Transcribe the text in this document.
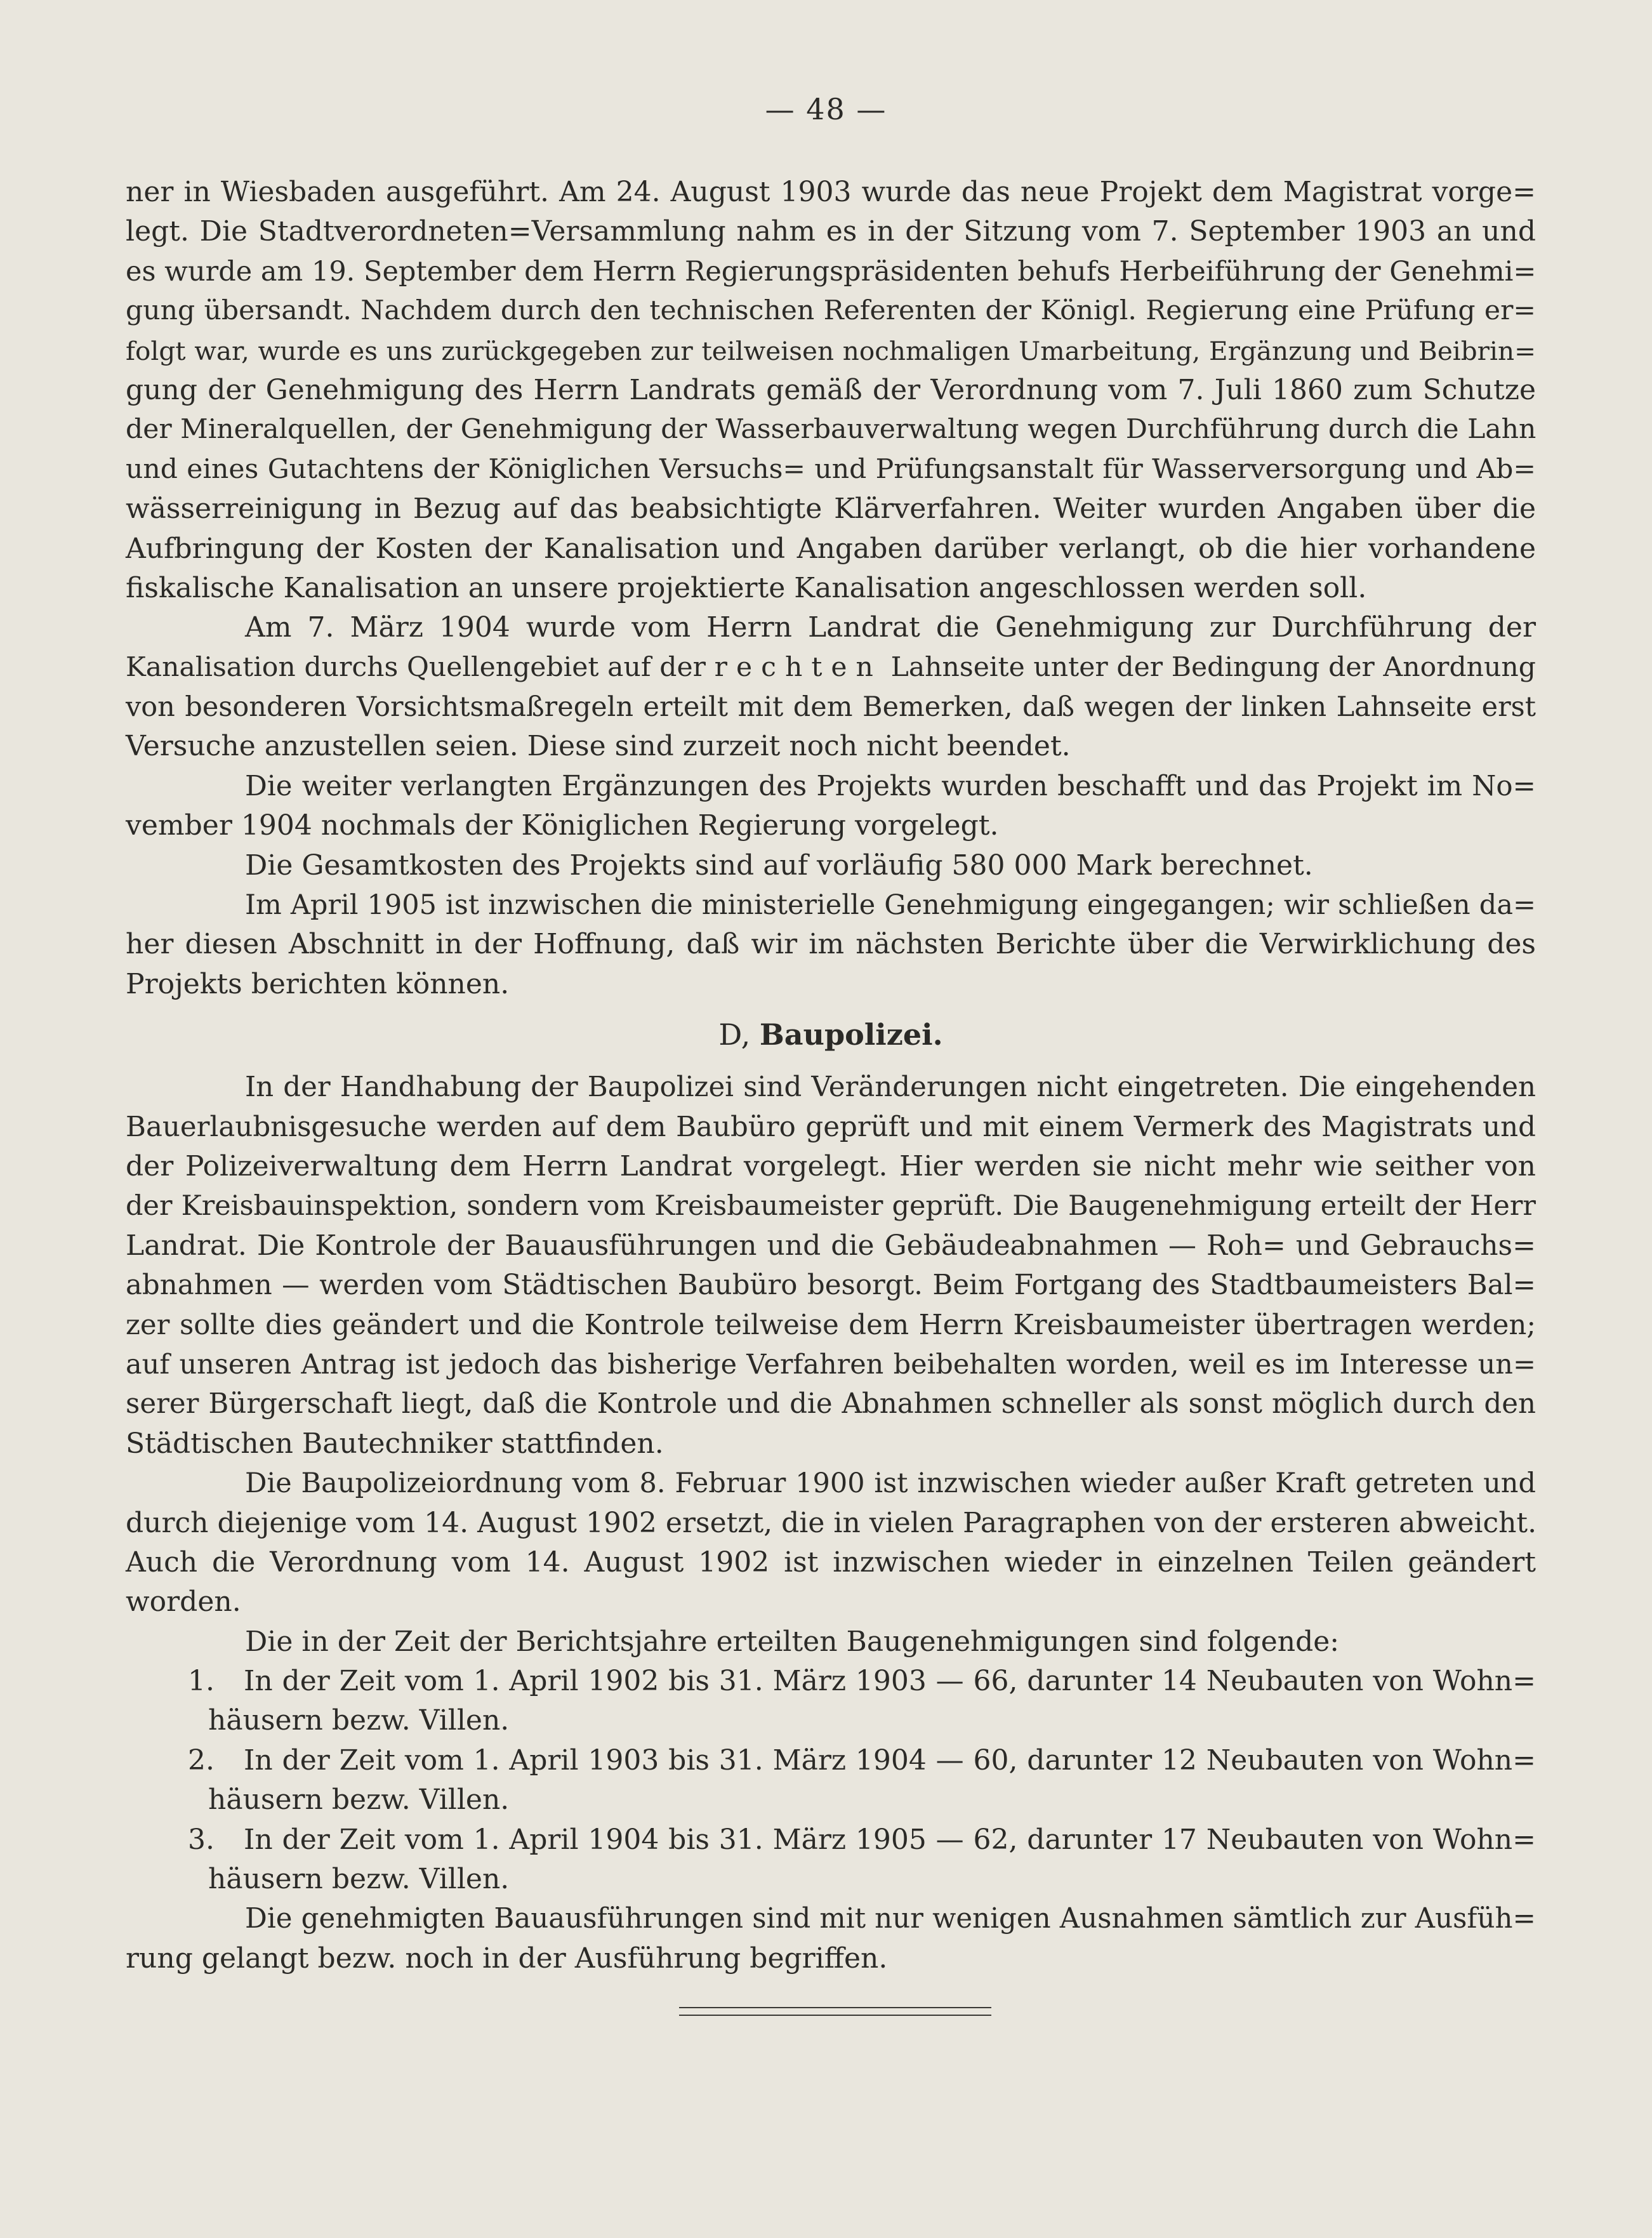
— 48 —
ner in Wiesbaden ausgeführt. Am 24. August 1903 wurde das neue Projekt dem Magistrat vorge=
legt. Die Stadtverordneten=Versammlung nahm es in der Sitzung vom 7. September 1903 an und
es wurde am 19. September dem Herrn Regierungspräsidenten behufs Herbeiführung der Genehmi=
gung übersandt. Nachdem durch den technischen Referenten der Königl. Regierung eine Prüfung er=
folgt war, wurde es uns zurückgegeben zur teilweisen nochmaligen Umarbeitung, Ergänzung und Beibrin=
gung der Genehmigung des Herrn Landrats gemäß der Verordnung vom 7. Juli 1860 zum Schutze
der Mineralquellen, der Genehmigung der Wasserbauverwaltung wegen Durchführung durch die Lahn
und eines Gutachtens der Königlichen Versuchs= und Prüfungsanstalt für Wasserversorgung und Ab=
wässerreinigung in Bezug auf das beabsichtigte Klärverfahren. Weiter wurden Angaben über die
Aufbringung der Kosten der Kanalisation und Angaben darüber verlangt, ob die hier vorhandene
fiskalische Kanalisation an unsere projektierte Kanalisation angeschlossen werden soll.
Am 7. März 1904 wurde vom Herrn Landrat die Genehmigung zur Durchführung der
Kanalisation durchs Quellengebiet auf der rechten Lahnseite unter der Bedingung der Anordnung
von besonderen Vorsichtsmaßregeln erteilt mit dem Bemerken, daß wegen der linken Lahnseite erst
Versuche anzustellen seien. Diese sind zurzeit noch nicht beendet.
Die weiter verlangten Ergänzungen des Projekts wurden beschafft und das Projekt im No=
vember 1904 nochmals der Königlichen Regierung vorgelegt.
Die Gesamtkosten des Projekts sind auf vorläufig 580 000 Mark berechnet.
Im April 1905 ist inzwischen die ministerielle Genehmigung eingegangen; wir schließen da=
her diesen Abschnitt in der Hoffnung, daß wir im nächsten Berichte über die Verwirklichung des
Projekts berichten können.
D, Baupolizei.
In der Handhabung der Baupolizei sind Veränderungen nicht eingetreten. Die eingehenden
Bauerlaubnisgesuche werden auf dem Baubüro geprüft und mit einem Vermerk des Magistrats und
der Polizeiverwaltung dem Herrn Landrat vorgelegt. Hier werden sie nicht mehr wie seither von
der Kreisbauinspektion, sondern vom Kreisbaumeister geprüft. Die Baugenehmigung erteilt der Herr
Landrat. Die Kontrole der Bauausführungen und die Gebäudeabnahmen — Roh= und Gebrauchs=
abnahmen — werden vom Städtischen Baubüro besorgt. Beim Fortgang des Stadtbaumeisters Bal=
zer sollte dies geändert und die Kontrole teilweise dem Herrn Kreisbaumeister übertragen werden;
auf unseren Antrag ist jedoch das bisherige Verfahren beibehalten worden, weil es im Interesse un=
serer Bürgerschaft liegt, daß die Kontrole und die Abnahmen schneller als sonst möglich durch den
Städtischen Bautechniker stattfinden.
Die Baupolizeiordnung vom 8. Februar 1900 ist inzwischen wieder außer Kraft getreten und
durch diejenige vom 14. August 1902 ersetzt, die in vielen Paragraphen von der ersteren abweicht.
Auch die Verordnung vom 14. August 1902 ist inzwischen wieder in einzelnen Teilen geändert
worden.
Die in der Zeit der Berichtsjahre erteilten Baugenehmigungen sind folgende:
1.	In der Zeit vom 1. April 1902 bis 31. März 1903 — 66, darunter 14 Neubauten von Wohn=
häusern bezw. Villen.
2.	In der Zeit vom 1. April 1903 bis 31. März 1904 — 60, darunter 12 Neubauten von Wohn=
häusern bezw. Villen.
3.	In der Zeit vom 1. April 1904 bis 31. März 1905 — 62, darunter 17 Neubauten von Wohn=
häusern bezw. Villen.
Die genehmigten Bauausführungen sind mit nur wenigen Ausnahmen sämtlich zur Ausfüh=
rung gelangt bezw. noch in der Ausführung begriffen.
